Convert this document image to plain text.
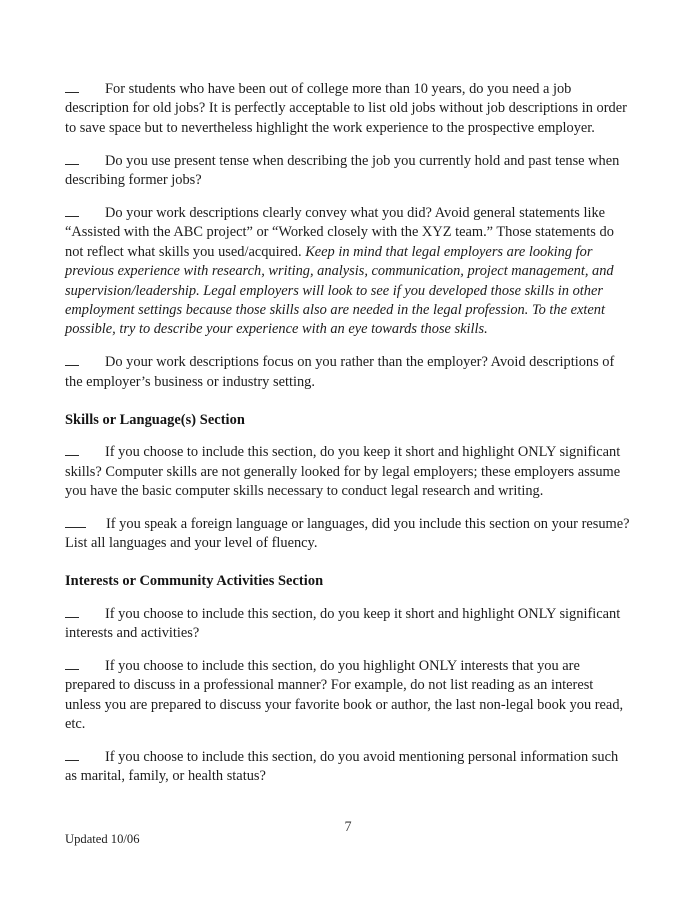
For students who have been out of college more than 10 years, do you need a job description for old jobs? It is perfectly acceptable to list old jobs without job descriptions in order to save space but to nevertheless highlight the work experience to the prospective employer.

Do you use present tense when describing the job you currently hold and past tense when describing former jobs?

Do your work descriptions clearly convey what you did? Avoid general statements like “Assisted with the ABC project” or “Worked closely with the XYZ team.” Those statements do not reflect what skills you used/acquired. Keep in mind that legal employers are looking for previous experience with research, writing, analysis, communication, project management, and supervision/leadership. Legal employers will look to see if you developed those skills in other employment settings because those skills also are needed in the legal profession. To the extent possible, try to describe your experience with an eye towards those skills.

Do your work descriptions focus on you rather than the employer? Avoid descriptions of the employer’s business or industry setting.

Skills or Language(s) Section

If you choose to include this section, do you keep it short and highlight ONLY significant skills? Computer skills are not generally looked for by legal employers; these employers assume you have the basic computer skills necessary to conduct legal research and writing.

If you speak a foreign language or languages, did you include this section on your resume? List all languages and your level of fluency.

Interests or Community Activities Section

If you choose to include this section, do you keep it short and highlight ONLY significant interests and activities?

If you choose to include this section, do you highlight ONLY interests that you are prepared to discuss in a professional manner? For example, do not list reading as an interest unless you are prepared to discuss your favorite book or author, the last non-legal book you read, etc.

If you choose to include this section, do you avoid mentioning personal information such as marital, family, or health status?

7
Updated 10/06
